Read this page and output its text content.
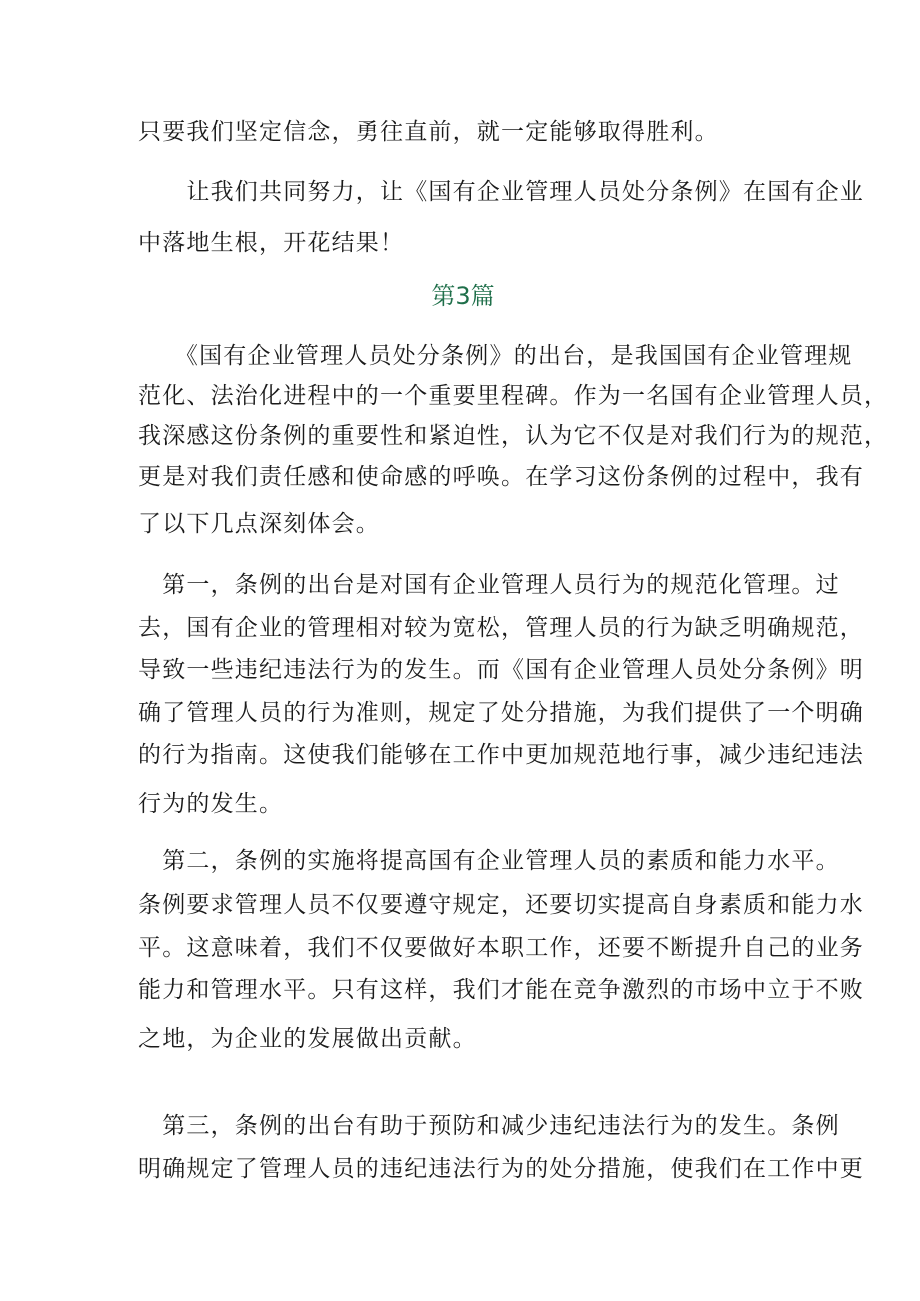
只要我们坚定信念，勇往直前，就一定能够取得胜利。
　　让我们共同努力，让《国有企业管理人员处分条例》在国有企业
中落地生根，开花结果！
第3篇
　　《国有企业管理人员处分条例》的出台，是我国国有企业管理规
范化、法治化进程中的一个重要里程碑。作为一名国有企业管理人员，
我深感这份条例的重要性和紧迫性，认为它不仅是对我们行为的规范，
更是对我们责任感和使命感的呼唤。在学习这份条例的过程中，我有
了以下几点深刻体会。
　第一，条例的出台是对国有企业管理人员行为的规范化管理。过
去，国有企业的管理相对较为宽松，管理人员的行为缺乏明确规范，
导致一些违纪违法行为的发生。而《国有企业管理人员处分条例》明
确了管理人员的行为准则，规定了处分措施，为我们提供了一个明确
的行为指南。这使我们能够在工作中更加规范地行事，减少违纪违法
行为的发生。
　第二，条例的实施将提高国有企业管理人员的素质和能力水平。
条例要求管理人员不仅要遵守规定，还要切实提高自身素质和能力水
平。这意味着，我们不仅要做好本职工作，还要不断提升自己的业务
能力和管理水平。只有这样，我们才能在竞争激烈的市场中立于不败
之地，为企业的发展做出贡献。
　第三，条例的出台有助于预防和减少违纪违法行为的发生。条例
明确规定了管理人员的违纪违法行为的处分措施，使我们在工作中更
